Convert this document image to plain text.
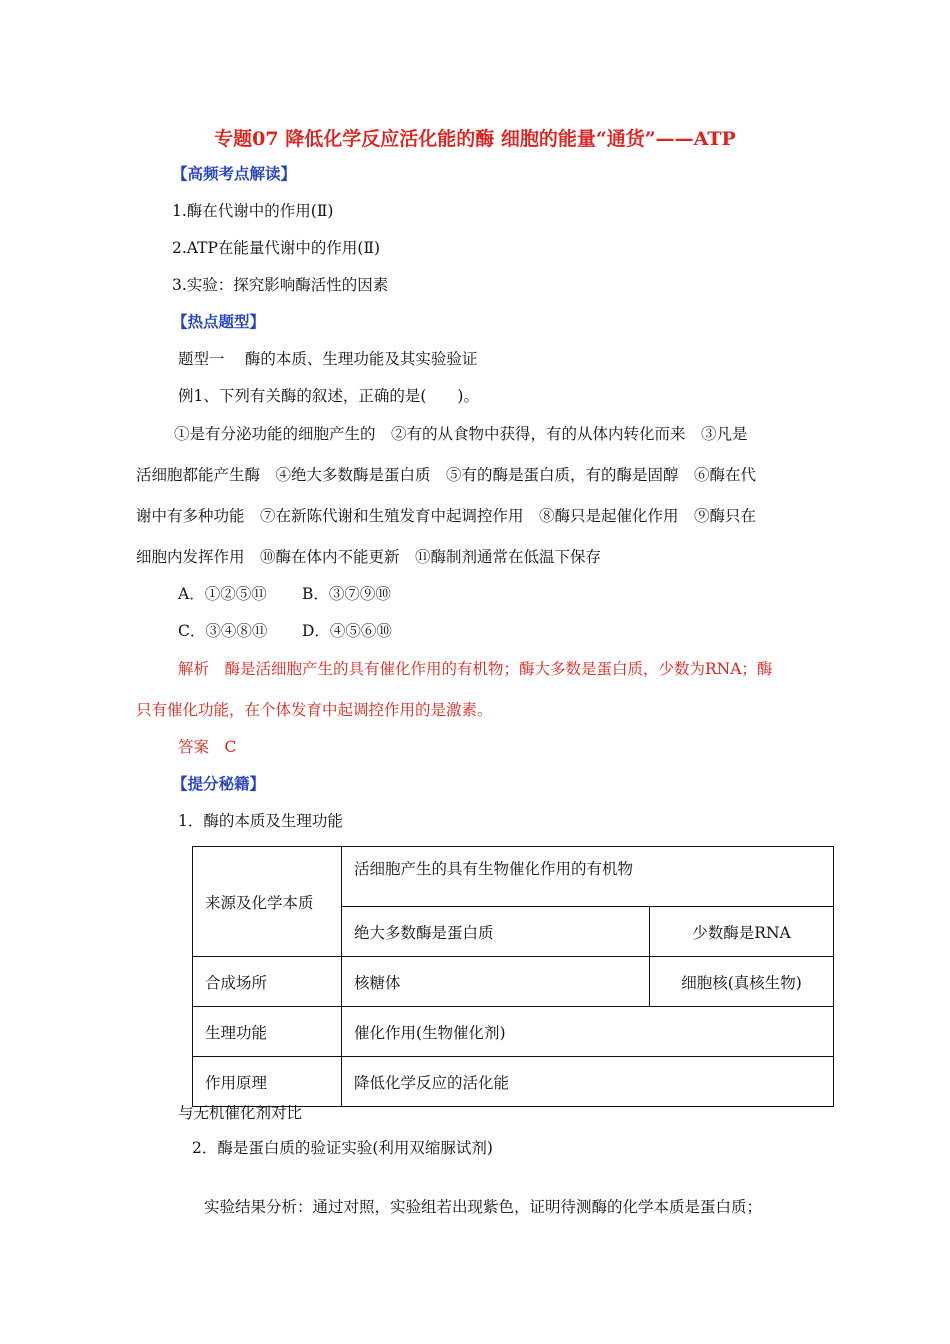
专题07 降低化学反应活化能的酶 细胞的能量“通货”——ATP
【高频考点解读】
1.酶在代谢中的作用(Ⅱ)
2.ATP在能量代谢中的作用(Ⅱ)
3.实验：探究影响酶活性的因素
【热点题型】
题型一　 酶的本质、生理功能及其实验验证
例1、下列有关酶的叙述，正确的是(　　)。
①是有分泌功能的细胞产生的　②有的从食物中获得，有的从体内转化而来　③凡是
活细胞都能产生酶　④绝大多数酶是蛋白质　⑤有的酶是蛋白质，有的酶是固醇　⑥酶在代
谢中有多种功能　⑦在新陈代谢和生殖发育中起调控作用　⑧酶只是起催化作用　⑨酶只在
细胞内发挥作用　⑩酶在体内不能更新　⑪酶制剂通常在低温下保存
A．①②⑤⑪ B．③⑦⑨⑩
C．③④⑧⑪ D．④⑤⑥⑩
解析　酶是活细胞产生的具有催化作用的有机物；酶大多数是蛋白质，少数为RNA；酶
只有催化功能，在个体发育中起调控作用的是激素。
答案　C
【提分秘籍】
1．酶的本质及生理功能
来源及化学本质	活细胞产生的具有生物催化作用的有机物	
	绝大多数酶是蛋白质	少数酶是RNA
合成场所	核糖体	细胞核(真核生物)
生理功能	催化作用(生物催化剂)	
作用原理	降低化学反应的活化能	
与无机催化剂对比
2．酶是蛋白质的验证实验(利用双缩脲试剂)
实验结果分析：通过对照，实验组若出现紫色，证明待测酶的化学本质是蛋白质；
